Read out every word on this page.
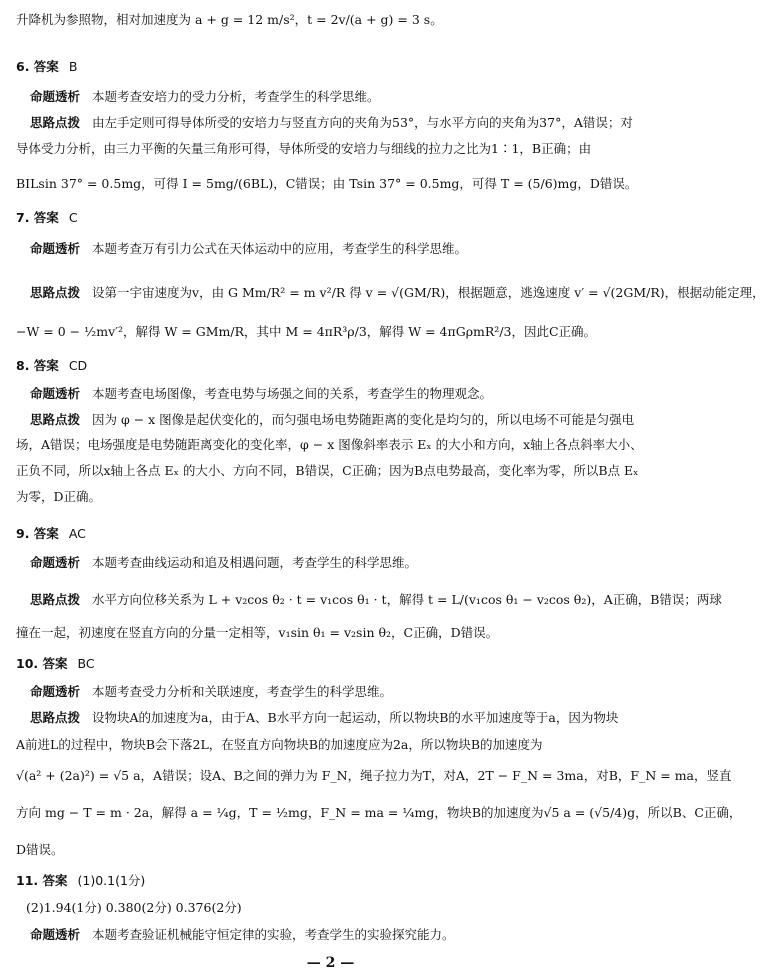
升降机为参照物，相对加速度为 a + g = 12 m/s²，t = 2v/(a + g) = 3 s。
6. 答案 B
命题透析 本题考查安培力的受力分析，考查学生的科学思维。
思路点拨 由左手定则可得导体所受的安培力与竖直方向的夹角为53°，与水平方向的夹角为37°，A错误；对
导体受力分析，由三力平衡的矢量三角形可得，导体所受的安培力与细线的拉力之比为1∶1，B正确；由
BILsin 37° = 0.5mg，可得 I = 5mg/(6BL)，C错误；由 Tsin 37° = 0.5mg，可得 T = (5/6)mg，D错误。
7. 答案 C
命题透析 本题考查万有引力公式在天体运动中的应用，考查学生的科学思维。
思路点拨 设第一宇宙速度为v，由 G Mm/R² = m v²/R 得 v = √(GM/R)，根据题意，逃逸速度 v′ = √(2GM/R)，根据动能定理，
−W = 0 − ½mv′²，解得 W = GMm/R，其中 M = 4πR³ρ/3，解得 W = 4πGρmR²/3，因此C正确。
8. 答案 CD
命题透析 本题考查电场图像，考查电势与场强之间的关系，考查学生的物理观念。
思路点拨 因为 φ − x 图像是起伏变化的，而匀强电场电势随距离的变化是均匀的，所以电场不可能是匀强电
场，A错误；电场强度是电势随距离变化的变化率，φ − x 图像斜率表示 Eₓ 的大小和方向，x轴上各点斜率大小、
正负不同，所以x轴上各点 Eₓ 的大小、方向不同，B错误，C正确；因为B点电势最高，变化率为零，所以B点 Eₓ
为零，D正确。
9. 答案 AC
命题透析 本题考查曲线运动和追及相遇问题，考查学生的科学思维。
思路点拨 水平方向位移关系为 L + v₂cos θ₂ · t = v₁cos θ₁ · t，解得 t = L/(v₁cos θ₁ − v₂cos θ₂)，A正确，B错误；两球
撞在一起，初速度在竖直方向的分量一定相等，v₁sin θ₁ = v₂sin θ₂，C正确，D错误。
10. 答案 BC
命题透析 本题考查受力分析和关联速度，考查学生的科学思维。
思路点拨 设物块A的加速度为a，由于A、B水平方向一起运动，所以物块B的水平加速度等于a，因为物块
A前进L的过程中，物块B会下落2L，在竖直方向物块B的加速度应为2a，所以物块B的加速度为
√(a² + (2a)²) = √5 a，A错误；设A、B之间的弹力为 F_N，绳子拉力为T，对A，2T − F_N = 3ma，对B，F_N = ma，竖直
方向 mg − T = m · 2a，解得 a = ¼g，T = ½mg，F_N = ma = ¼mg，物块B的加速度为√5 a = (√5/4)g，所以B、C正确，
D错误。
11. 答案 (1)0.1(1分)
(2)1.94(1分) 0.380(2分) 0.376(2分)
命题透析 本题考查验证机械能守恒定律的实验，考查学生的实验探究能力。
— 2 —
